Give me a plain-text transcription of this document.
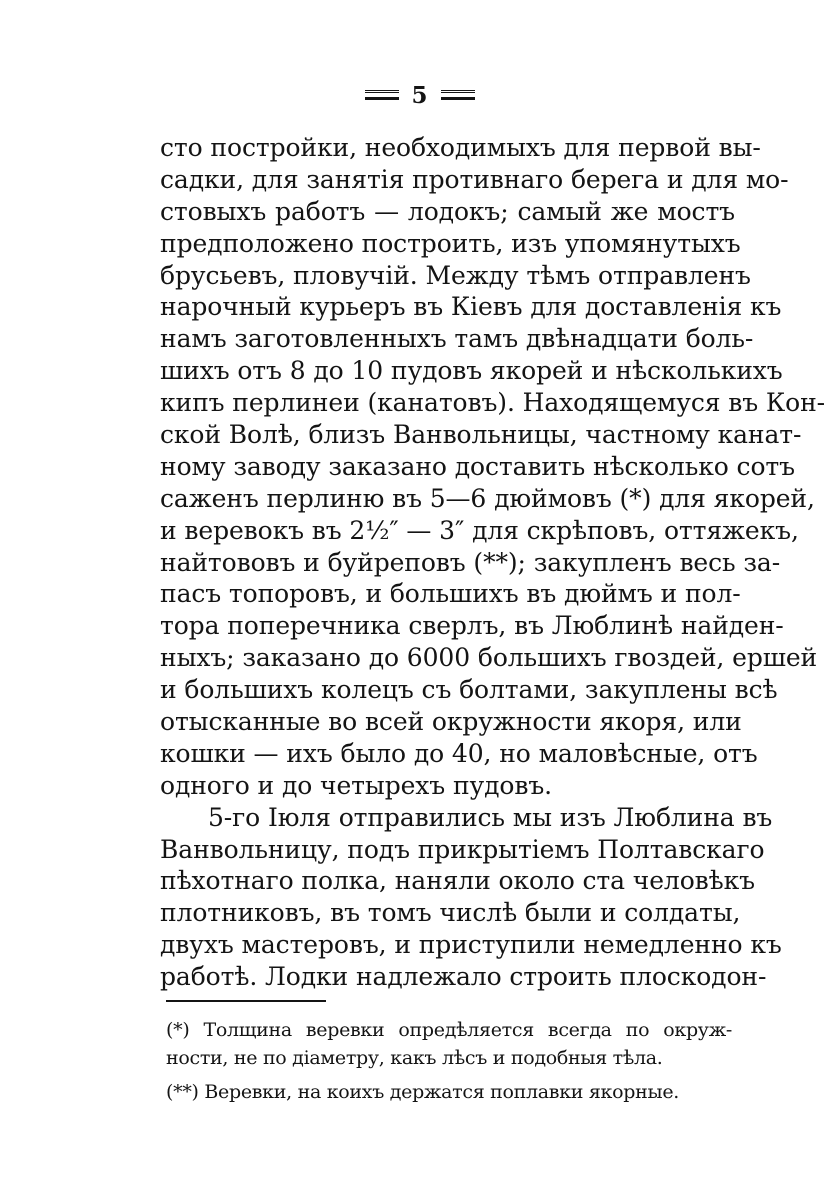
5
сто постройки, необходимыхъ для первой вы-
садки, для занятія противнаго берега и для мо-
стовыхъ работъ — лодокъ; самый же мостъ
предположено построить, изъ упомянутыхъ
брусьевъ, пловучій. Между тѣмъ отправленъ
нарочный курьеръ въ Кіевъ для доставленія къ
намъ заготовленныхъ тамъ двѣнадцати боль-
шихъ отъ 8 до 10 пудовъ якорей и нѣсколькихъ
кипъ перлинеи (канатовъ). Находящемуся въ Кон-
ской Волѣ, близъ Ванвольницы, частному канат-
ному заводу заказано доставить нѣсколько сотъ
саженъ перлиню въ 5—6 дюймовъ (*) для якорей,
и веревокъ въ 2½″ — 3″ для скрѣповъ, оттяжекъ,
найтововъ и буйреповъ (**); закупленъ весь за-
пасъ топоровъ, и большихъ въ дюймъ и пол-
тора поперечника сверлъ, въ Люблинѣ найден-
ныхъ; заказано до 6000 большихъ гвоздей, ершей
и большихъ колецъ съ болтами, закуплены всѣ
отысканные во всей окружности якоря, или
кошки — ихъ было до 40, но маловѣсные, отъ
одного и до четырехъ пудовъ.
5-го Іюля отправились мы изъ Люблина въ
Ванвольницу, подъ прикрытіемъ Полтавскаго
пѣхотнаго полка, наняли около ста человѣкъ
плотниковъ, въ томъ числѣ были и солдаты,
двухъ мастеровъ, и приступили немедленно къ
работѣ. Лодки надлежало строить плоскодон-
(*) Толщина веревки опредѣляется всегда по окруж-
ности, не по діаметру, какъ лѣсъ и подобныя тѣла.
(**) Веревки, на коихъ держатся поплавки якорные.
